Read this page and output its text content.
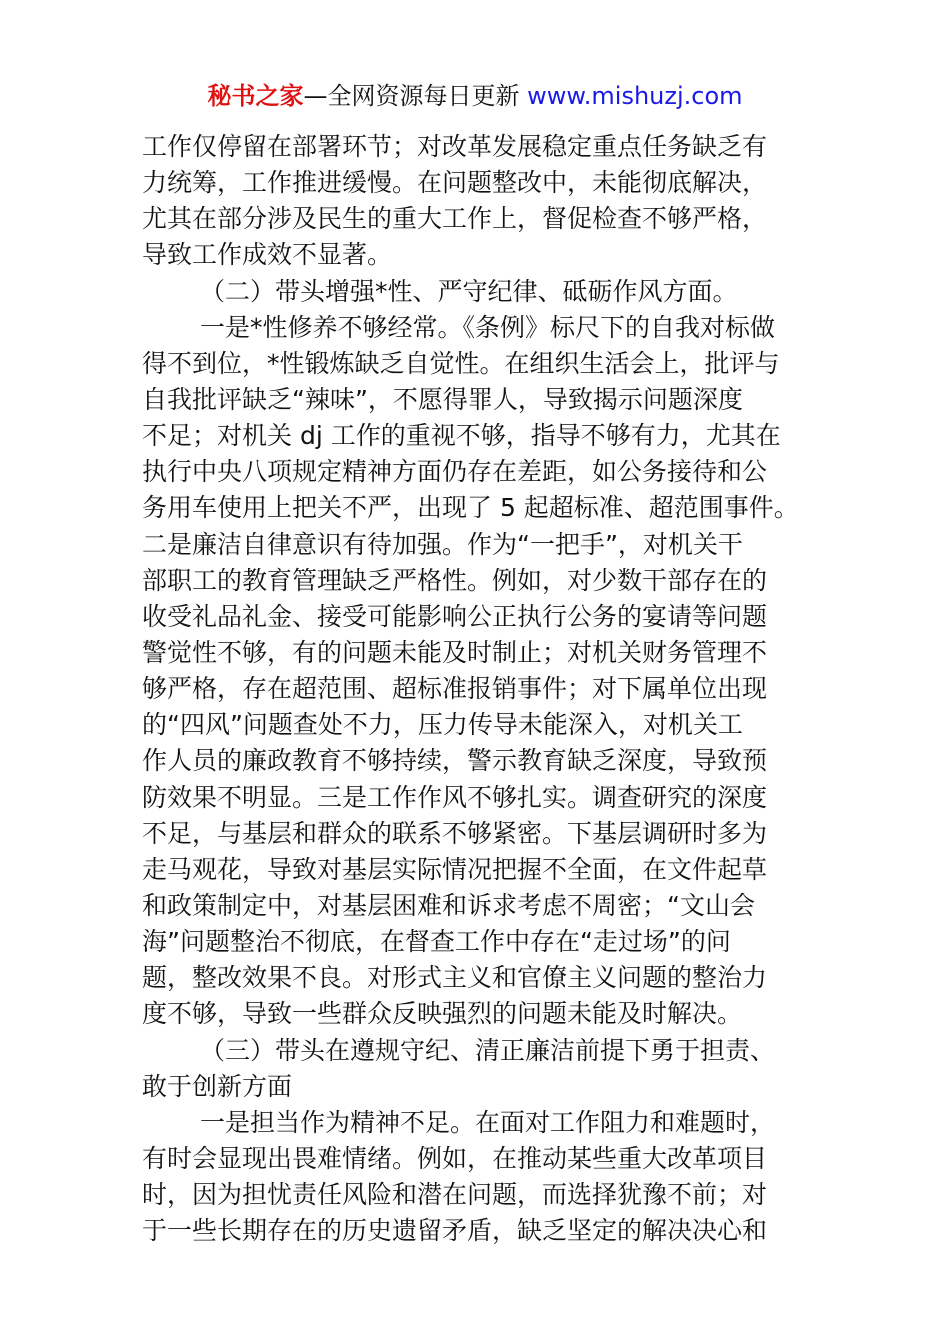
秘书之家—全网资源每日更新 www.mishuzj.com
工作仅停留在部署环节；对改革发展稳定重点任务缺乏有
力统筹，工作推进缓慢。在问题整改中，未能彻底解决，
尤其在部分涉及民生的重大工作上，督促检查不够严格，
导致工作成效不显著。
（二）带头增强*性、严守纪律、砥砺作风方面。
一是*性修养不够经常。《条例》标尺下的自我对标做
得不到位，*性锻炼缺乏自觉性。在组织生活会上，批评与
自我批评缺乏“辣味”，不愿得罪人，导致揭示问题深度
不足；对机关 dj 工作的重视不够，指导不够有力，尤其在
执行中央八项规定精神方面仍存在差距，如公务接待和公
务用车使用上把关不严，出现了 5 起超标准、超范围事件。
二是廉洁自律意识有待加强。作为“一把手”，对机关干
部职工的教育管理缺乏严格性。例如，对少数干部存在的
收受礼品礼金、接受可能影响公正执行公务的宴请等问题
警觉性不够，有的问题未能及时制止；对机关财务管理不
够严格，存在超范围、超标准报销事件；对下属单位出现
的“四风”问题查处不力，压力传导未能深入，对机关工
作人员的廉政教育不够持续，警示教育缺乏深度，导致预
防效果不明显。三是工作作风不够扎实。调查研究的深度
不足，与基层和群众的联系不够紧密。下基层调研时多为
走马观花，导致对基层实际情况把握不全面，在文件起草
和政策制定中，对基层困难和诉求考虑不周密；“文山会
海”问题整治不彻底，在督查工作中存在“走过场”的问
题，整改效果不良。对形式主义和官僚主义问题的整治力
度不够，导致一些群众反映强烈的问题未能及时解决。
（三）带头在遵规守纪、清正廉洁前提下勇于担责、
敢于创新方面
一是担当作为精神不足。在面对工作阻力和难题时，
有时会显现出畏难情绪。例如，在推动某些重大改革项目
时，因为担忧责任风险和潜在问题，而选择犹豫不前；对
于一些长期存在的历史遗留矛盾，缺乏坚定的解决决心和
